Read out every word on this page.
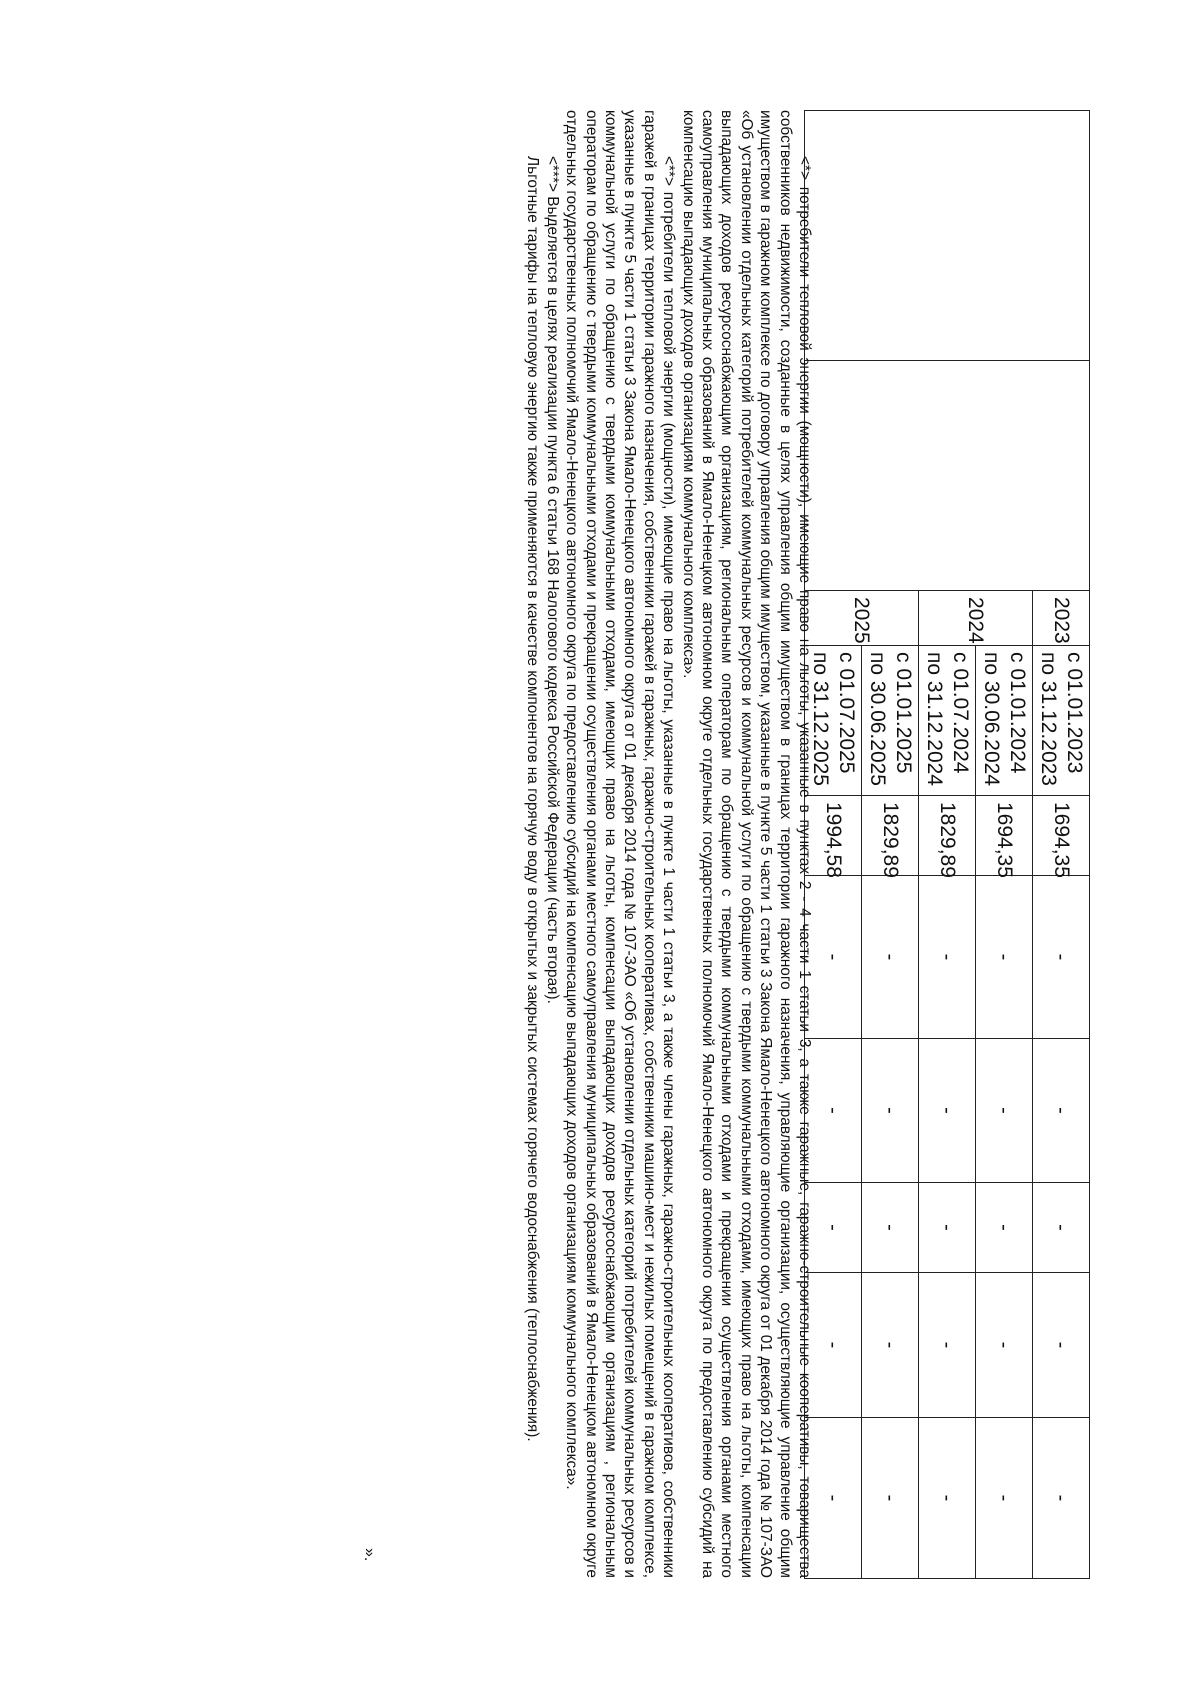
		2023	с 01.01.2023
по 31.12.2023	1694,35	-	-	-	-	-
		2024	с 01.01.2024
по 30.06.2024	1694,35	-	-	-	-	-

			с 01.07.2024
по 31.12.2024	1829,89	-	-	-	-	-
		2025	с 01.01.2025
по 30.06.2025	1829,89	-	-	-	-	-

			с 01.07.2025
по 31.12.2025	1994,58	-	-	-	-	-

<*> потребители тепловой энергии (мощности), имеющие право на льготы, указанные в пунктах 2 - 4 части 1 статьи 3, а также гаражные, гаражно-строительные кооперативы, товарищества собственников недвижимости, созданные в целях управления общим имуществом в границах территории гаражного назначения, управляющие организации, осуществляющие управление общим имуществом в гаражном комплексе по договору управления общим имуществом, указанные в пункте 5 части 1 статьи 3 Закона Ямало-Ненецкого автономного округа от 01 декабря 2014 года № 107-ЗАО «Об установлении отдельных категорий потребителей коммунальных ресурсов и коммунальной услуги по обращению с твердыми коммунальными отходами, имеющих право на льготы, компенсации выпадающих доходов ресурсоснабжающим организациям, региональным операторам по обращению с твердыми коммунальными отходами и прекращении осуществления органами местного самоуправления муниципальных образований в Ямало-Ненецком автономном округе отдельных государственных полномочий Ямало-Ненецкого автономного округа по предоставлению субсидий на компенсацию выпадающих доходов организациям коммунального комплекса».

<**> потребители тепловой энергии (мощности), имеющие право на льготы, указанные в пункте 1 части 1 статьи 3, а также члены гаражных, гаражно-строительных кооперативов, собственники гаражей в границах территории гаражного назначения, собственники гаражей в гаражных, гаражно-строительных кооперативах, собственники машино-мест и нежилых помещений в гаражном комплексе, указанные в пункте 5 части 1 статьи 3 Закона Ямало-Ненецкого автономного округа от 01 декабря 2014 года № 107-ЗАО «Об установлении отдельных категорий потребителей коммунальных ресурсов и коммунальной услуги по обращению с твердыми коммунальными отходами, имеющих право на льготы, компенсации выпадающих доходов ресурсоснабжающим организациям , региональным операторам по обращению с твердыми коммунальными отходами и прекращении осуществления органами местного самоуправления муниципальных образований в Ямало-Ненецком автономном округе отдельных государственных полномочий Ямало-Ненецкого автономного округа по предоставлению субсидий на компенсацию выпадающих доходов организациям коммунального комплекса».

<***> Выделяется в целях реализации пункта 6 статьи 168 Налогового кодекса Российской Федерации (часть вторая).

Льготные тарифы на тепловую энергию также применяются в качестве компонентов на горячую воду в открытых и закрытых системах горячего водоснабжения (теплоснабжения).

».
